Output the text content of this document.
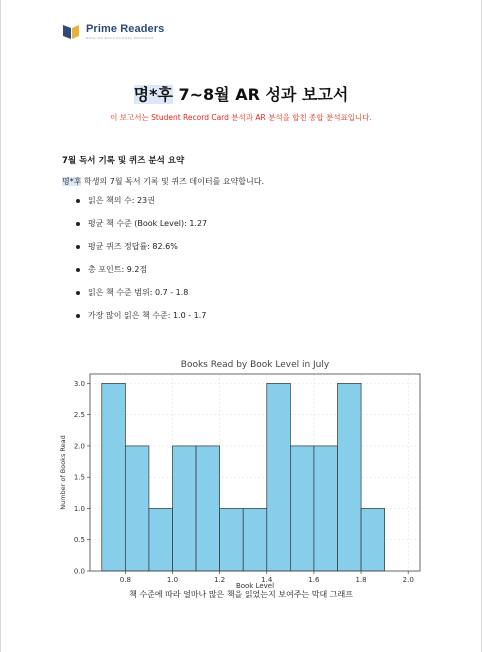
Prime Readers
ENGLISH EDUCATIONAL PROGRAM
명*후 7~8월 AR 성과 보고서
이 보고서는 Student Record Card 분석과 AR 분석을 합친 종합 분석표입니다.
7월 독서 기록 및 퀴즈 분석 요약
명*후 학생의 7월 독서 기록 및 퀴즈 데이터를 요약합니다.
읽은 책의 수: 23권
평균 책 수준 (Book Level): 1.27
평균 퀴즈 정답률: 82.6%
총 포인트: 9.2점
읽은 책 수준 범위: 0.7 - 1.8
가장 많이 읽은 책 수준: 1.0 - 1.7
0.0
0.5
1.0
1.5
2.0
2.5
3.0
0.8	1.0	1.2	1.4	1.6	1.8	2.0
Books Read by Book Level in July
Book Level
Number of Books Read
책 수준에 따라 얼마나 많은 책을 읽었는지 보여주는 막대 그래프
